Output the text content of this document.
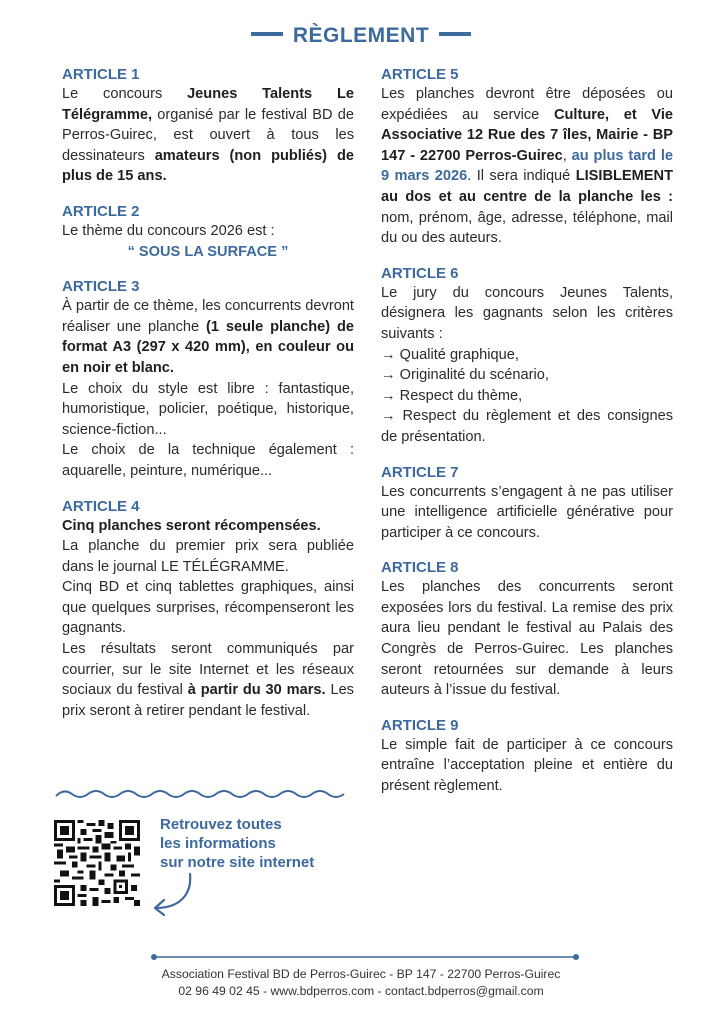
RÈGLEMENT
ARTICLE 1
Le concours Jeunes Talents Le Télégramme, organisé par le festival BD de Perros-Guirec, est ouvert à tous les dessinateurs amateurs (non publiés) de plus de 15 ans.
ARTICLE 2
Le thème du concours 2026 est :
“ SOUS LA SURFACE ”
ARTICLE 3
À partir de ce thème, les concurrents devront réaliser une planche (1 seule planche) de format A3 (297 x 420 mm), en couleur ou en noir et blanc.
Le choix du style est libre : fantastique, humoristique, policier, poétique, historique, science-fiction...
Le choix de la technique également : aquarelle, peinture, numérique...
ARTICLE 4
Cinq planches seront récompensées.
La planche du premier prix sera publiée dans le journal LE TÉLÉGRAMME.
Cinq BD et cinq tablettes graphiques, ainsi que quelques surprises, récompenseront les gagnants.
Les résultats seront communiqués par courrier, sur le site Internet et les réseaux sociaux du festival à partir du 30 mars. Les prix seront à retirer pendant le festival.
ARTICLE 5
Les planches devront être déposées ou expédiées au service Culture, et Vie Associative 12 Rue des 7 îles, Mairie - BP 147 - 22700 Perros-Guirec, au plus tard le 9 mars 2026. Il sera indiqué LISIBLEMENT au dos et au centre de la planche les : nom, prénom, âge, adresse, téléphone, mail du ou des auteurs.
ARTICLE 6
Le jury du concours Jeunes Talents, désignera les gagnants selon les critères suivants :
→ Qualité graphique,
→ Originalité du scénario,
→ Respect du thème,
→ Respect du règlement et des consignes de présentation.
ARTICLE 7
Les concurrents s’engagent à ne pas utiliser une intelligence artificielle générative pour participer à ce concours.
ARTICLE 8
Les planches des concurrents seront exposées lors du festival. La remise des prix aura lieu pendant le festival au Palais des Congrès de Perros-Guirec. Les planches seront retournées sur demande à leurs auteurs à l’issue du festival.
ARTICLE 9
Le simple fait de participer à ce concours entraîne l’acceptation pleine et entière du présent règlement.
Retrouvez toutes
les informations
sur notre site internet
Association Festival BD de Perros-Guirec - BP 147 - 22700 Perros-Guirec
02 96 49 02 45 - www.bdperros.com - contact.bdperros@gmail.com
